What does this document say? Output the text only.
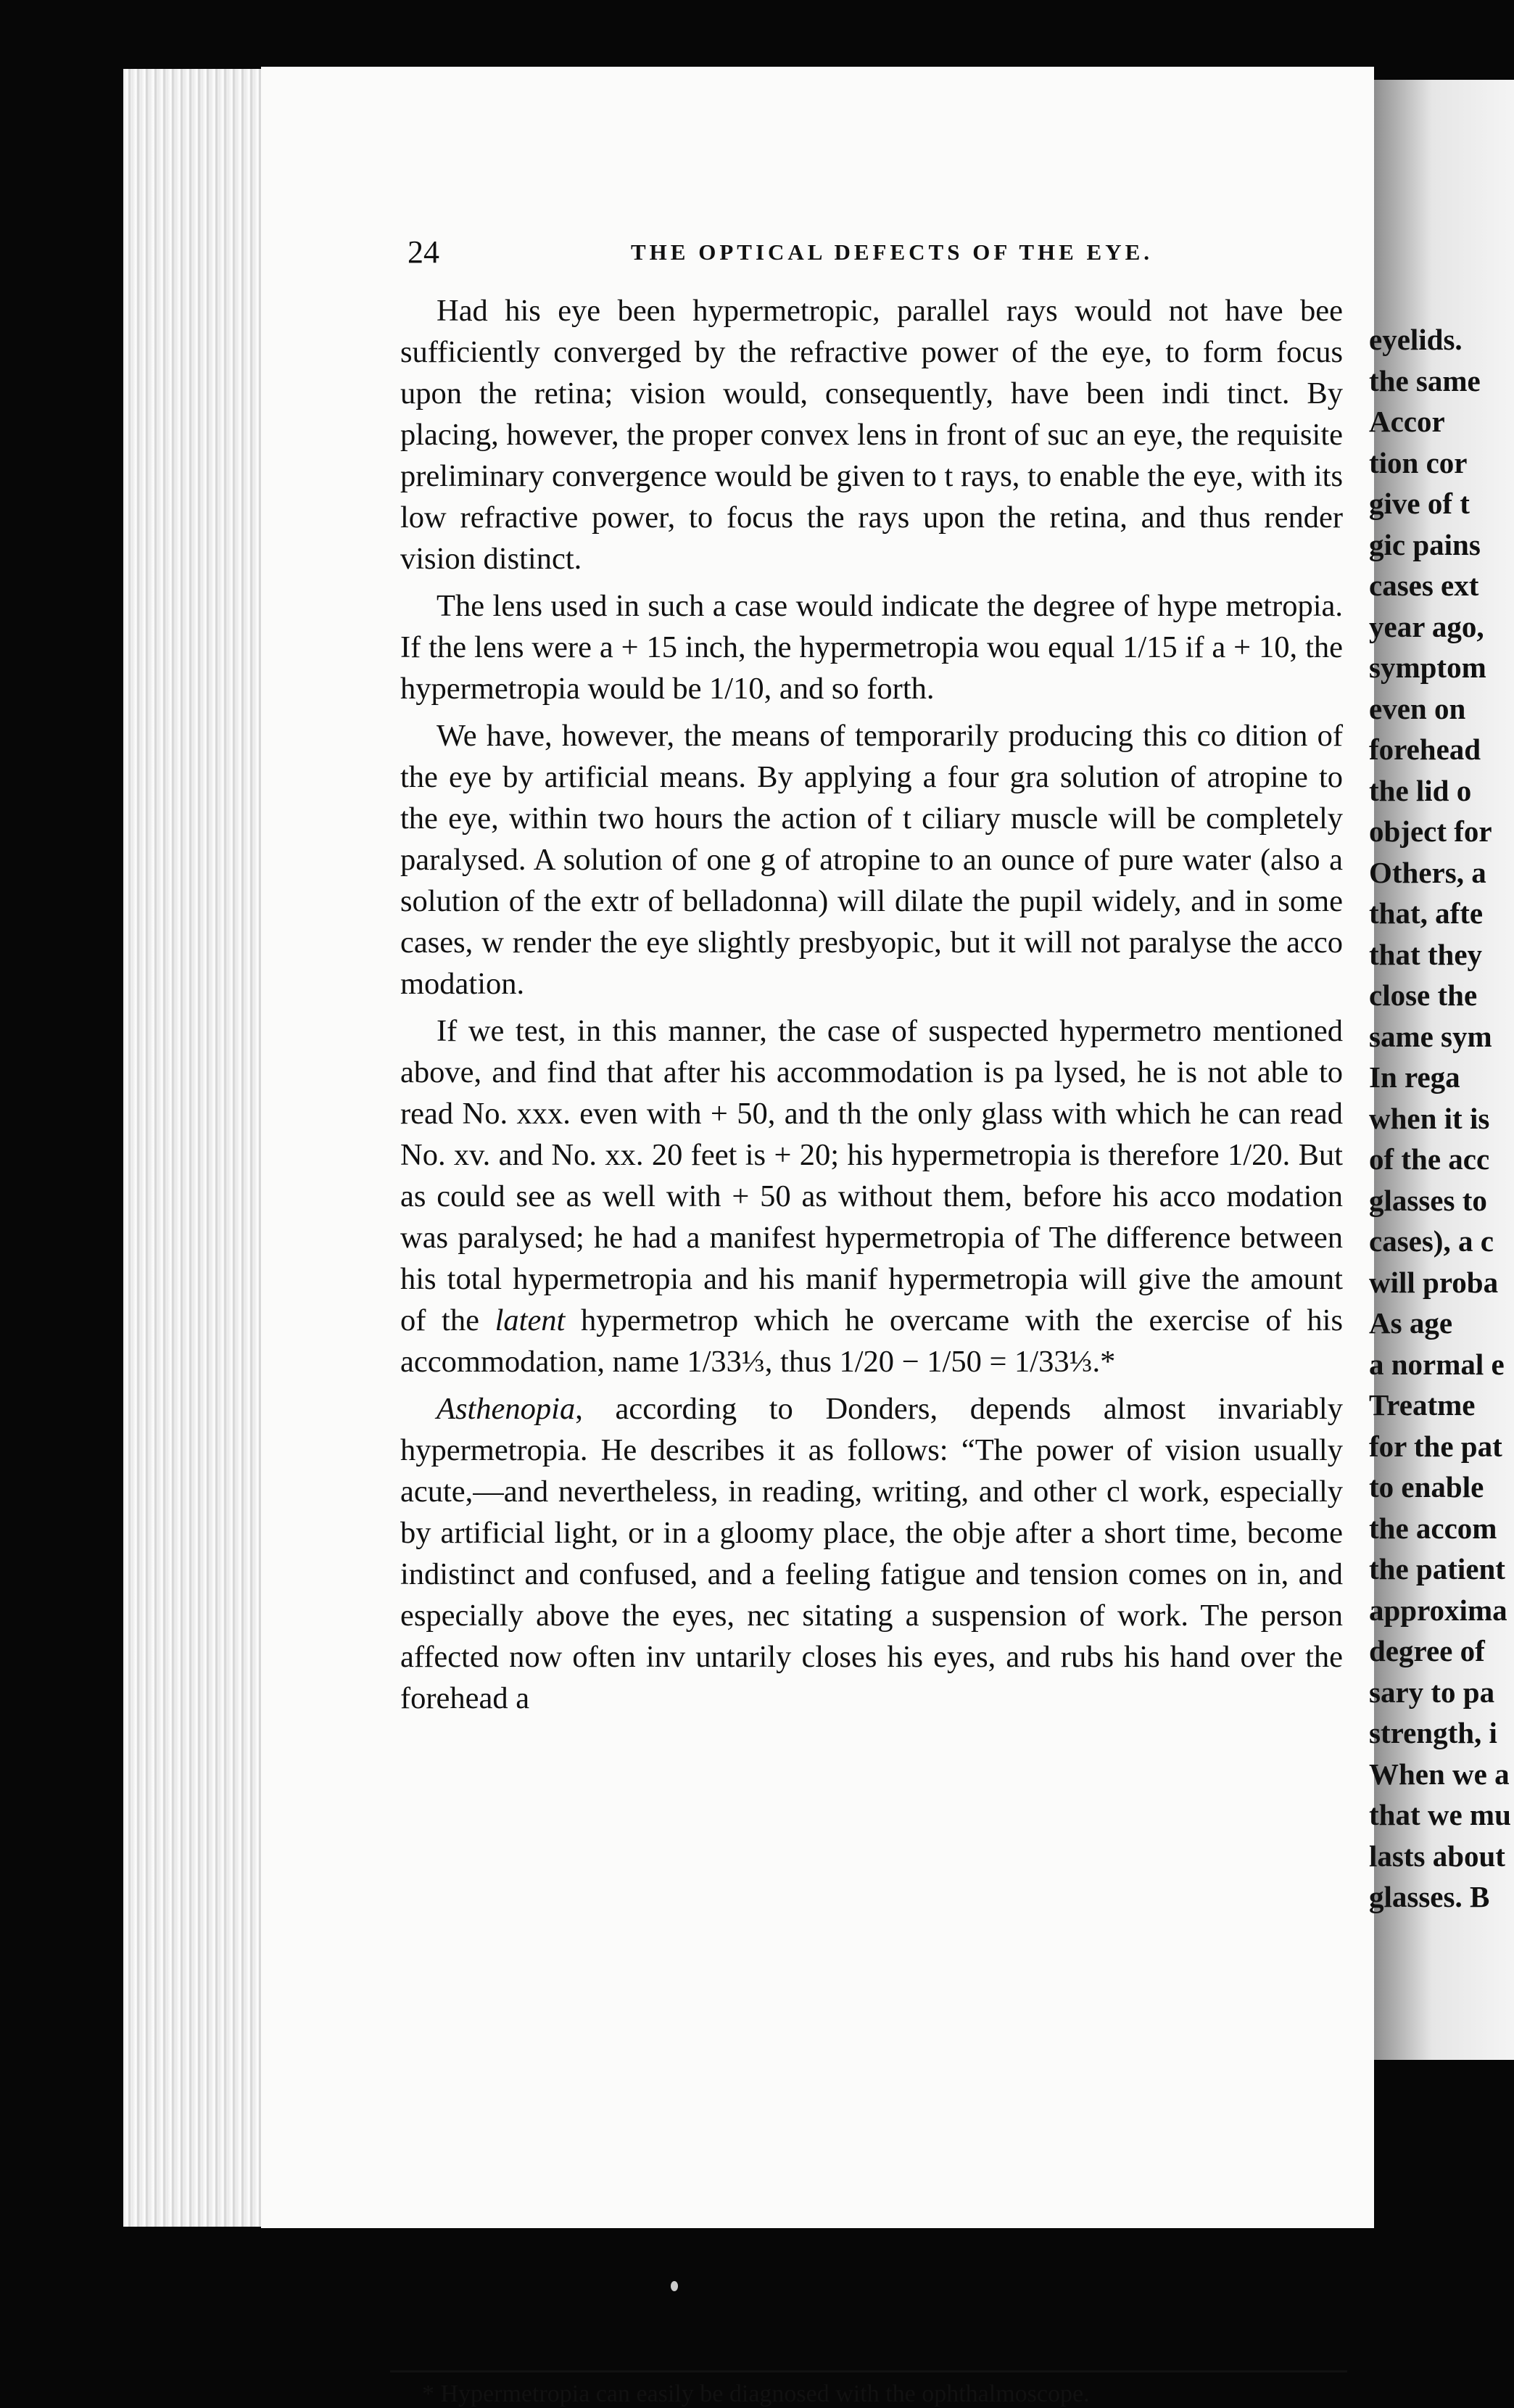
24	THE OPTICAL DEFECTS OF THE EYE.

Had his eye been hypermetropic, parallel rays would not have bee sufficiently converged by the refractive power of the eye, to form focus upon the retina; vision would, consequently, have been indi tinct. By placing, however, the proper convex lens in front of suc an eye, the requisite preliminary convergence would be given to t rays, to enable the eye, with its low refractive power, to focus the rays upon the retina, and thus render vision distinct.

The lens used in such a case would indicate the degree of hype metropia. If the lens were a + 15 inch, the hypermetropia wou equal 1/15 if a + 10, the hypermetropia would be 1/10, and so forth.

We have, however, the means of temporarily producing this co dition of the eye by artificial means. By applying a four gra solution of atropine to the eye, within two hours the action of t ciliary muscle will be completely paralysed. A solution of one g of atropine to an ounce of pure water (also a solution of the extr of belladonna) will dilate the pupil widely, and in some cases, w render the eye slightly presbyopic, but it will not paralyse the acco modation.

If we test, in this manner, the case of suspected hypermetro mentioned above, and find that after his accommodation is pa lysed, he is not able to read No. xxx. even with + 50, and th the only glass with which he can read No. xv. and No. xx. 20 feet is + 20; his hypermetropia is therefore 1/20. But as could see as well with + 50 as without them, before his acco modation was paralysed; he had a manifest hypermetropia of The difference between his total hypermetropia and his manif hypermetropia will give the amount of the latent hypermetrop which he overcame with the exercise of his accommodation, name 1/33⅓, thus 1/20 − 1/50 = 1/33⅓.*

Asthenopia, according to Donders, depends almost invariably hypermetropia. He describes it as follows: “The power of vision usually acute,—and nevertheless, in reading, writing, and other cl work, especially by artificial light, or in a gloomy place, the obje after a short time, become indistinct and confused, and a feeling fatigue and tension comes on in, and especially above the eyes, nec sitating a suspension of work. The person affected now often inv untarily closes his eyes, and rubs his hand over the forehead a

* Hypermetropia can easily be diagnosed with the ophthalmoscope.
eyelids.
the same
Accor
tion cor
give of t
gic pains
cases ext
year ago,
symptom
even on
forehead
the lid o
object for
Others, a
that, afte
that they
close the
same sym
In rega
when it is
of the acc
glasses to
cases), a c
will proba
As age
a normal e
Treatme
for the pat
to enable
the accom
the patient
approxima
degree of
sary to pa
strength, i
When we a
that we mu
lasts about
glasses. B
